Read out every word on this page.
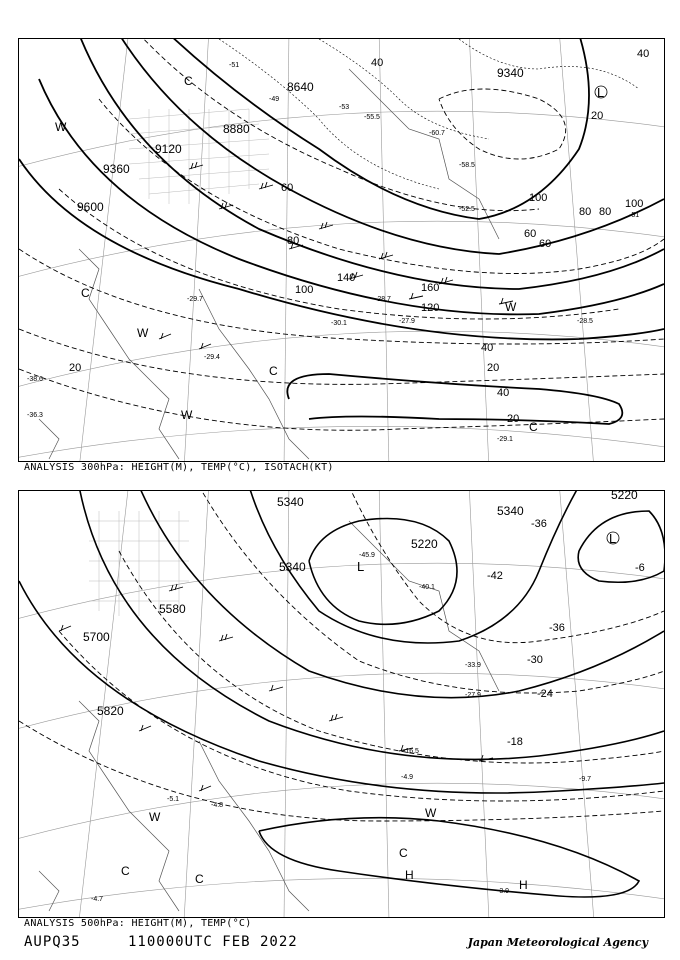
8640
8880
9120
9360
9600
9340
40
60
80
100
120
140
160
100
80
60
40
20
20
20
40
60
80
100
40
20
-51
-49
-53
-55.5
-60.7
-58.5
-52.5
-51
-29.7
-29.4
-28.7
-28.5
-29.1
-30.1	-27.9
-38.6
-36.3
L
C
W
W
W
C
C
C
W
ANALYSIS 300hPa: HEIGHT(M), TEMP(°C), ISOTACH(KT)
5220
5340
5340
5580
5700
5820
5220
5340
-42
-36
-36
-30
-24
-18
-6
-45.9
-40.1
-33.9
-27.9
-16.5
-4.9	-9.7
-3.9
-4.7
-5.1
-4.8
L
L
H
H
W
W
C
C
C
ANALYSIS 500hPa: HEIGHT(M), TEMP(°C)
AUPQ35	110000UTC FEB 2022	Japan Meteorological Agency
